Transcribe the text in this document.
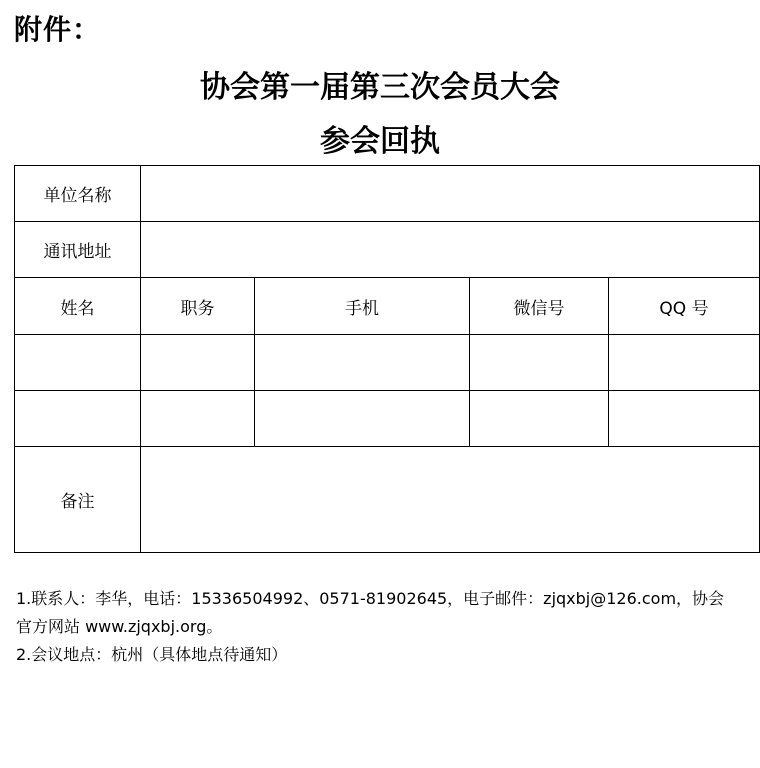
附件：
协会第一届第三次会员大会
参会回执
单位名称				
通讯地址				
姓名	职务	手机	微信号	QQ 号

备注				

1.联系人：李华，电话：15336504992、0571-81902645，电子邮件：zjqxbj@126.com，协会

官方网站 www.zjqxbj.org。

2.会议地点：杭州（具体地点待通知）
